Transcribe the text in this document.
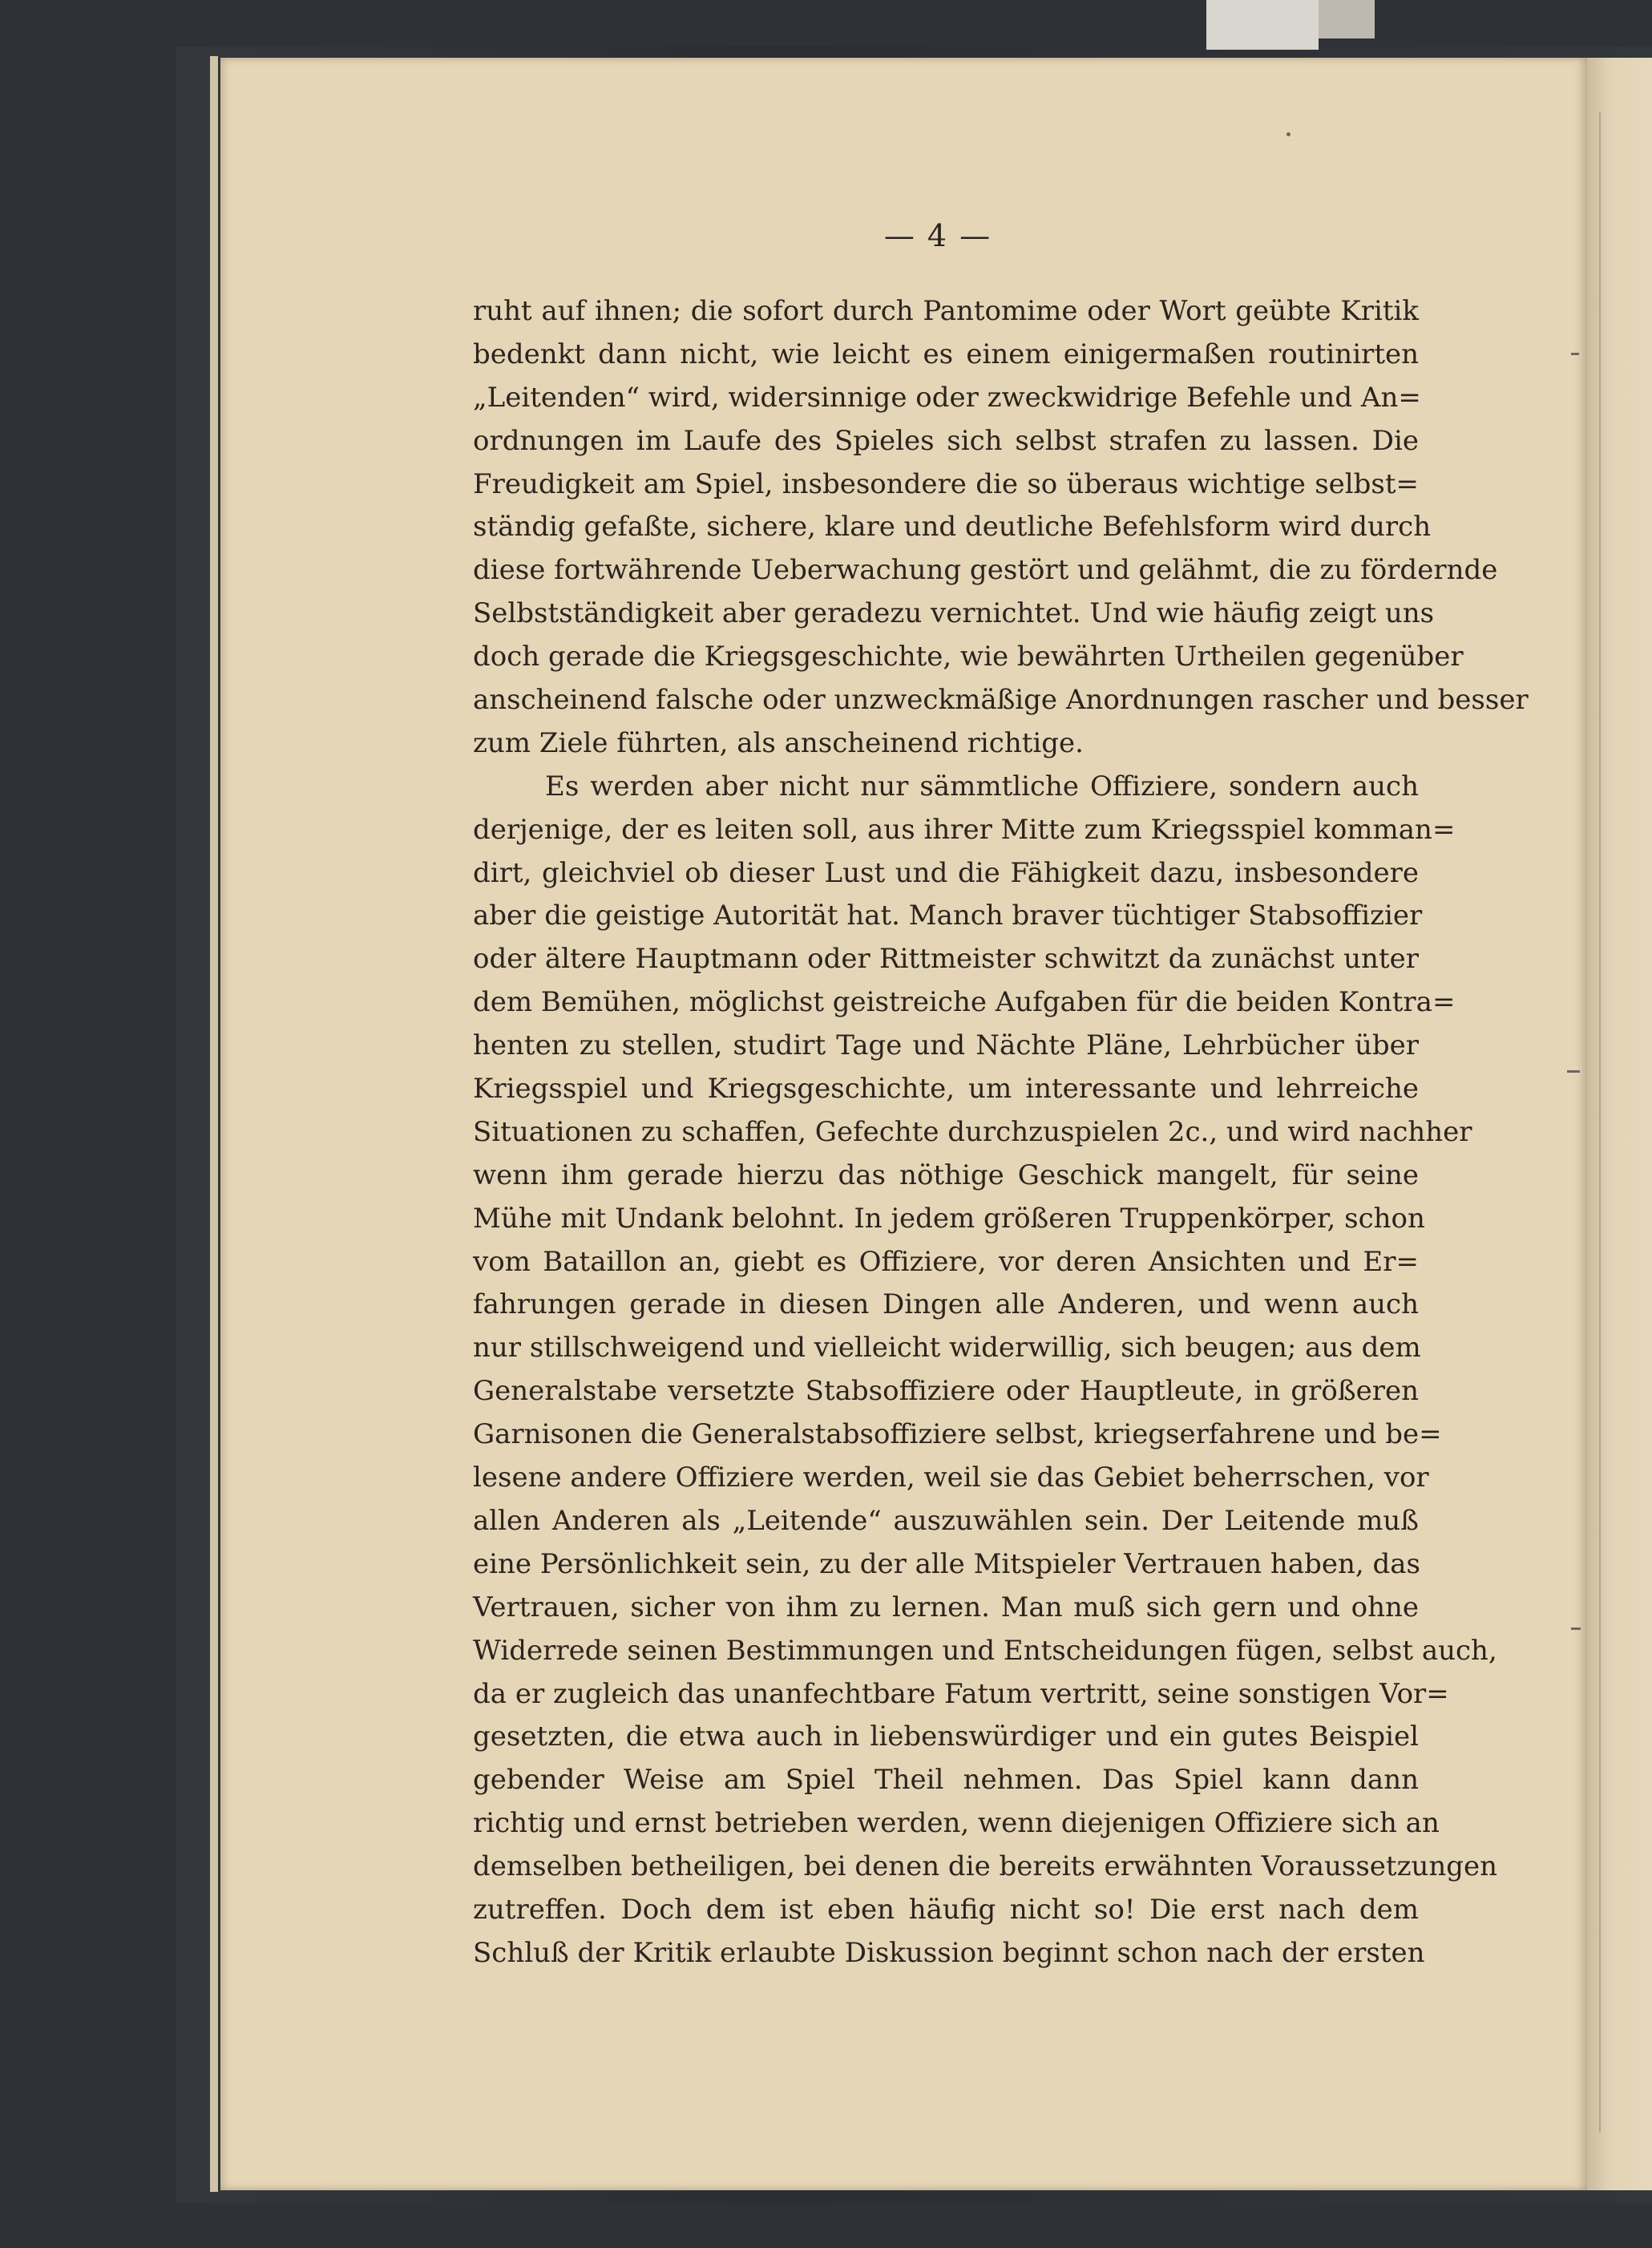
— 4 —
ruht auf ihnen; die sofort durch Pantomime oder Wort geübte Kritik
bedenkt dann nicht, wie leicht es einem einigermaßen routinirten
„Leitenden“ wird, widersinnige oder zweckwidrige Befehle und An=
ordnungen im Laufe des Spieles sich selbst strafen zu lassen. Die
Freudigkeit am Spiel, insbesondere die so überaus wichtige selbst=
ständig gefaßte, sichere, klare und deutliche Befehlsform wird durch
diese fortwährende Ueberwachung gestört und gelähmt, die zu fördernde
Selbstständigkeit aber geradezu vernichtet. Und wie häufig zeigt uns
doch gerade die Kriegsgeschichte, wie bewährten Urtheilen gegenüber
anscheinend falsche oder unzweckmäßige Anordnungen rascher und besser
zum Ziele führten, als anscheinend richtige.
Es werden aber nicht nur sämmtliche Offiziere, sondern auch
derjenige, der es leiten soll, aus ihrer Mitte zum Kriegsspiel komman=
dirt, gleichviel ob dieser Lust und die Fähigkeit dazu, insbesondere
aber die geistige Autorität hat. Manch braver tüchtiger Stabsoffizier
oder ältere Hauptmann oder Rittmeister schwitzt da zunächst unter
dem Bemühen, möglichst geistreiche Aufgaben für die beiden Kontra=
henten zu stellen, studirt Tage und Nächte Pläne, Lehrbücher über
Kriegsspiel und Kriegsgeschichte, um interessante und lehrreiche
Situationen zu schaffen, Gefechte durchzuspielen 2c., und wird nachher
wenn ihm gerade hierzu das nöthige Geschick mangelt, für seine
Mühe mit Undank belohnt. In jedem größeren Truppenkörper, schon
vom Bataillon an, giebt es Offiziere, vor deren Ansichten und Er=
fahrungen gerade in diesen Dingen alle Anderen, und wenn auch
nur stillschweigend und vielleicht widerwillig, sich beugen; aus dem
Generalstabe versetzte Stabsoffiziere oder Hauptleute, in größeren
Garnisonen die Generalstabsoffiziere selbst, kriegserfahrene und be=
lesene andere Offiziere werden, weil sie das Gebiet beherrschen, vor
allen Anderen als „Leitende“ auszuwählen sein. Der Leitende muß
eine Persönlichkeit sein, zu der alle Mitspieler Vertrauen haben, das
Vertrauen, sicher von ihm zu lernen. Man muß sich gern und ohne
Widerrede seinen Bestimmungen und Entscheidungen fügen, selbst auch,
da er zugleich das unanfechtbare Fatum vertritt, seine sonstigen Vor=
gesetzten, die etwa auch in liebenswürdiger und ein gutes Beispiel
gebender Weise am Spiel Theil nehmen. Das Spiel kann dann
richtig und ernst betrieben werden, wenn diejenigen Offiziere sich an
demselben betheiligen, bei denen die bereits erwähnten Voraussetzungen
zutreffen. Doch dem ist eben häufig nicht so! Die erst nach dem
Schluß der Kritik erlaubte Diskussion beginnt schon nach der ersten
